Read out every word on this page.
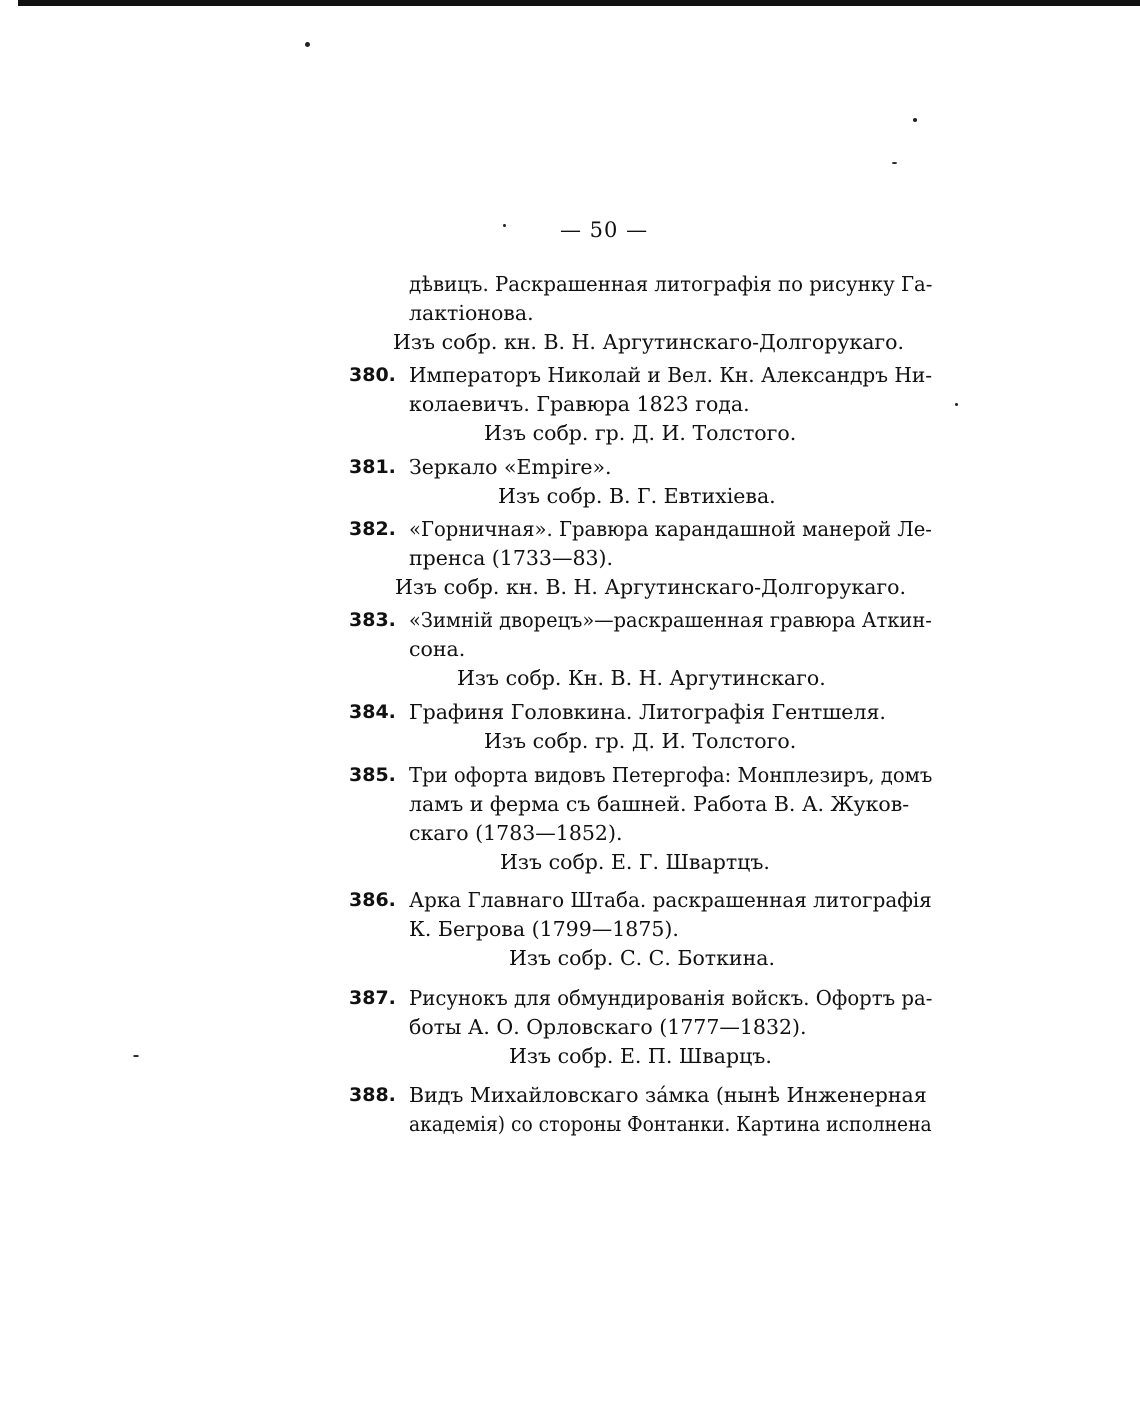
— 50 —
дѣвицъ. Раскрашенная литографія по рисунку Га-
лактіонова.
Изъ собр. кн. В. Н. Аргутинскаго-Долгорукаго.
380. Императоръ Николай и Вел. Кн. Александръ Ни-
колаевичъ. Гравюра 1823 года.
Изъ собр. гр. Д. И. Толстого.
381. Зеркало «Empire».
Изъ собр. В. Г. Евтихіева.
382. «Горничная». Гравюра карандашной манерой Ле-
пренса (1733—83).
Изъ собр. кн. В. Н. Аргутинскаго-Долгорукаго.
383. «Зимній дворецъ»—раскрашенная гравюра Аткин-
сона.
Изъ собр. Кн. В. Н. Аргутинскаго.
384. Графиня Головкина. Литографія Гентшеля.
Изъ собр. гр. Д. И. Толстого.
385. Три офорта видовъ Петергофа: Монплезиръ, домъ
ламъ и ферма съ башней. Работа В. А. Жуков-
скаго (1783—1852).
Изъ собр. Е. Г. Швартцъ.
386. Арка Главнаго Штаба. раскрашенная литографія
К. Бегрова (1799—1875).
Изъ собр. С. С. Боткина.
387. Рисунокъ для обмундированія войскъ. Офортъ ра-
боты А. О. Орловскаго (1777—1832).
Изъ собр. Е. П. Шварцъ.
388. Видъ Михайловскаго зáмка (нынѣ Инженерная
академія) со стороны Фонтанки. Картина исполнена
